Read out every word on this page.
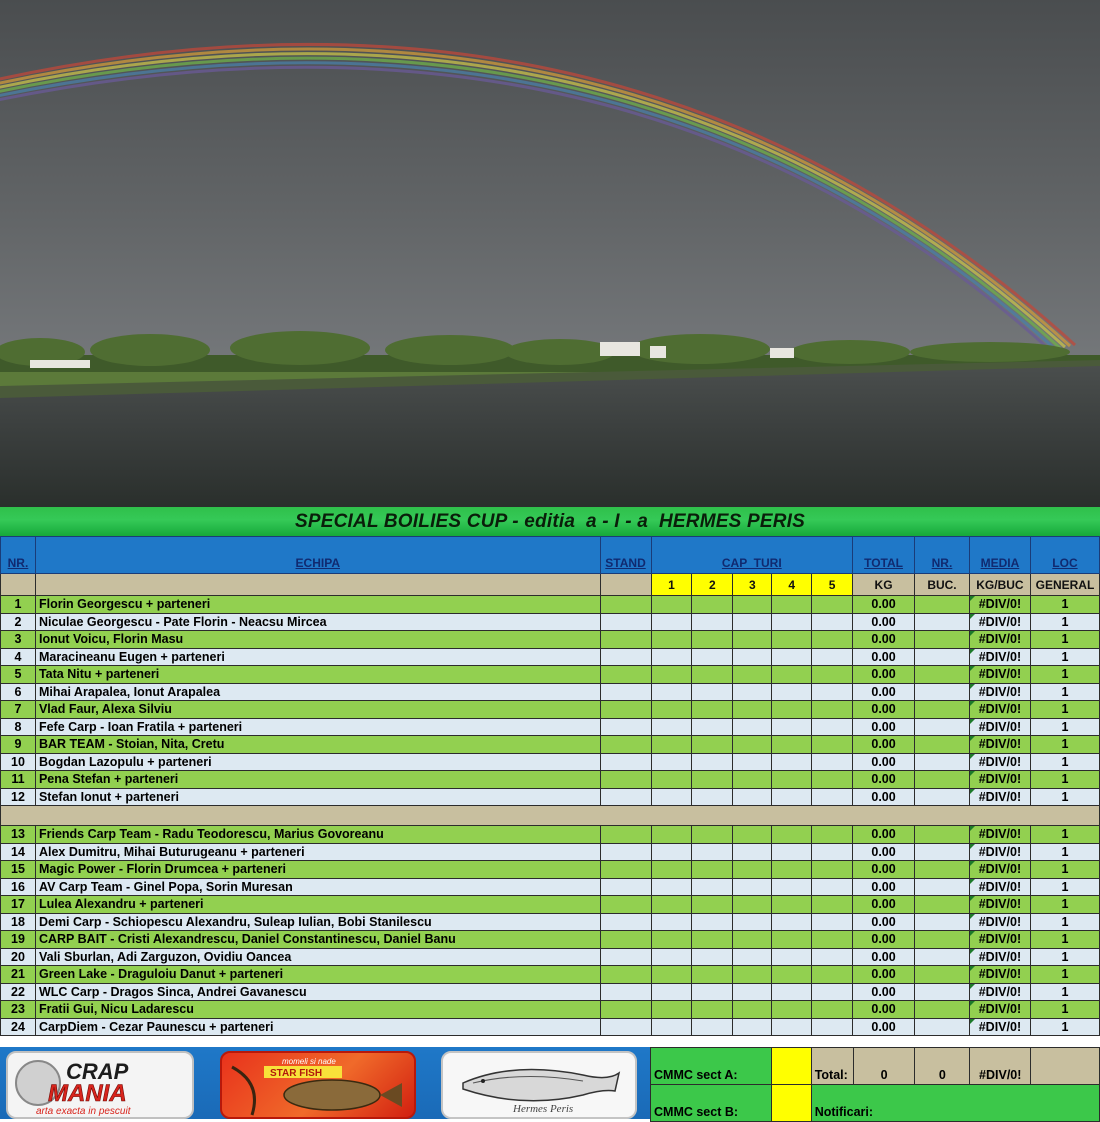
SPECIAL BOILIES CUP - editia  a - I - a  HERMES PERIS
NR.	ECHIPA	STAND	CAP  TURI					TOTAL	NR.	MEDIA	LOC
			1	2	3	4	5	KG	BUC.	KG/BUC	GENERAL
1	Florin Georgescu + parteneri							0.00		#DIV/0!	1
2	Niculae Georgescu - Pate Florin - Neacsu Mircea							0.00		#DIV/0!	1
3	Ionut Voicu, Florin Masu							0.00		#DIV/0!	1
4	Maracineanu Eugen + parteneri							0.00		#DIV/0!	1
5	Tata Nitu + parteneri							0.00		#DIV/0!	1
6	Mihai Arapalea, Ionut Arapalea							0.00		#DIV/0!	1
7	Vlad Faur, Alexa Silviu							0.00		#DIV/0!	1
8	Fefe Carp - Ioan Fratila + parteneri							0.00		#DIV/0!	1
9	BAR TEAM - Stoian, Nita, Cretu							0.00		#DIV/0!	1
10	Bogdan Lazopulu + parteneri							0.00		#DIV/0!	1
11	Pena Stefan + parteneri							0.00		#DIV/0!	1
12	Stefan Ionut + parteneri							0.00		#DIV/0!	1

13	Friends Carp Team - Radu Teodorescu, Marius Govoreanu							0.00		#DIV/0!	1
14	Alex Dumitru, Mihai Buturugeanu + parteneri							0.00		#DIV/0!	1
15	Magic Power - Florin Drumcea + parteneri							0.00		#DIV/0!	1
16	AV Carp Team - Ginel Popa, Sorin Muresan							0.00		#DIV/0!	1
17	Lulea Alexandru + parteneri							0.00		#DIV/0!	1
18	Demi Carp - Schiopescu Alexandru, Suleap Iulian, Bobi Stanilescu							0.00		#DIV/0!	1
19	CARP BAIT - Cristi Alexandrescu, Daniel Constantinescu, Daniel Banu							0.00		#DIV/0!	1
20	Vali Sburlan, Adi Zarguzon, Ovidiu Oancea							0.00		#DIV/0!	1
21	Green Lake - Draguloiu Danut + parteneri							0.00		#DIV/0!	1
22	WLC Carp - Dragos Sinca, Andrei Gavanescu							0.00		#DIV/0!	1
23	Fratii Gui, Nicu Ladarescu							0.00		#DIV/0!	1
24	CarpDiem - Cezar Paunescu + parteneri							0.00		#DIV/0!	1
CRAP
MANIA
arta exacta in pescuit
momeli si nade
STAR FISH
Hermes Peris
CMMC sect A:		Total:	0	0	#DIV/0!	
CMMC sect B:		Notificari:				
